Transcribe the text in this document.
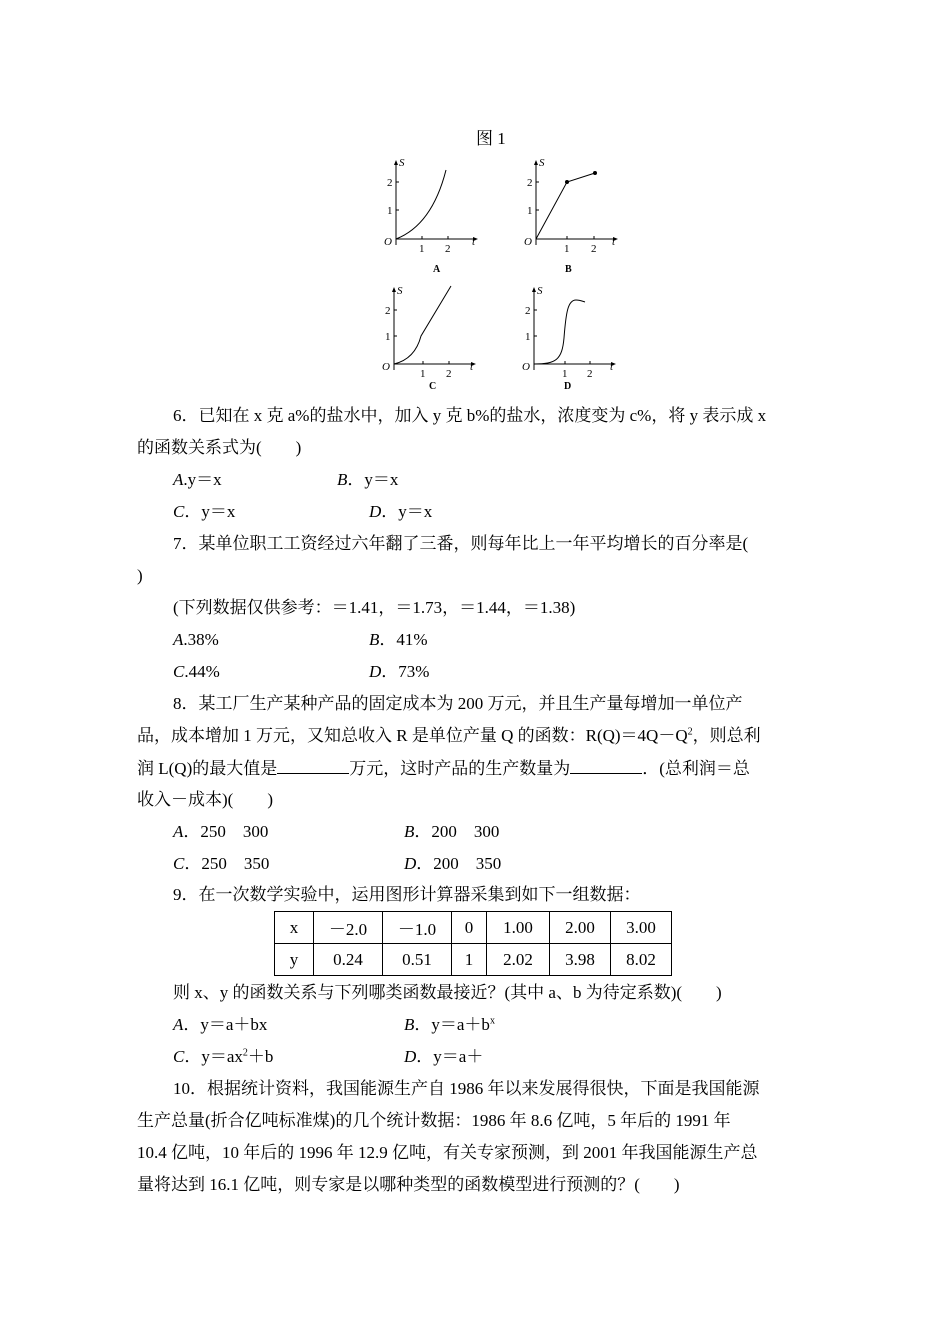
图 1
S
t
O
1 2
1
2
A
S
t
O
1 2
1
2
B
S
t
O
1 2
1
2
C
S
t
O
1 2
1
2
D
6．已知在 x 克 a%的盐水中，加入 y 克 b%的盐水，浓度变为 c%，将 y 表示成 x
的函数关系式为(　　)
A.y＝x	B．y＝x
C．y＝x	D．y＝x
7．某单位职工工资经过六年翻了三番，则每年比上一年平均增长的百分率是(
)
(下列数据仅供参考：＝1.41，＝1.73，＝1.44，＝1.38)
A.38%	B．41%
C.44%	D．73%
8．某工厂生产某种产品的固定成本为 200 万元，并且生产量每增加一单位产
品，成本增加 1 万元，又知总收入 R 是单位产量 Q 的函数：$R(Q)=4Q-Q^2$，则总利
润 L(Q)的最大值是	万元，这时产品的生产数量为	．(总利润＝总
收入－成本)(　　)
A．250　300	B．200　300
C．250　350	D．200　350
9．在一次数学实验中，运用图形计算器采集到如下一组数据：
x	－2.0	－1.0	0	1.00	2.00	3.00
y	0.24	0.51	1	2.02	3.98	8.02
则 x、y 的函数关系与下列哪类函数最接近？(其中 a、b 为待定系数)(　　)
A．y＝a＋bx	B．$y=a+b^x$
C．$y=ax^2+b$	D．y＝a＋
10．根据统计资料，我国能源生产自 1986 年以来发展得很快，下面是我国能源
生产总量(折合亿吨标准煤)的几个统计数据：1986 年 8.6 亿吨，5 年后的 1991 年
10.4 亿吨，10 年后的 1996 年 12.9 亿吨，有关专家预测，到 2001 年我国能源生产总
量将达到 16.1 亿吨，则专家是以哪种类型的函数模型进行预测的？(　　)
